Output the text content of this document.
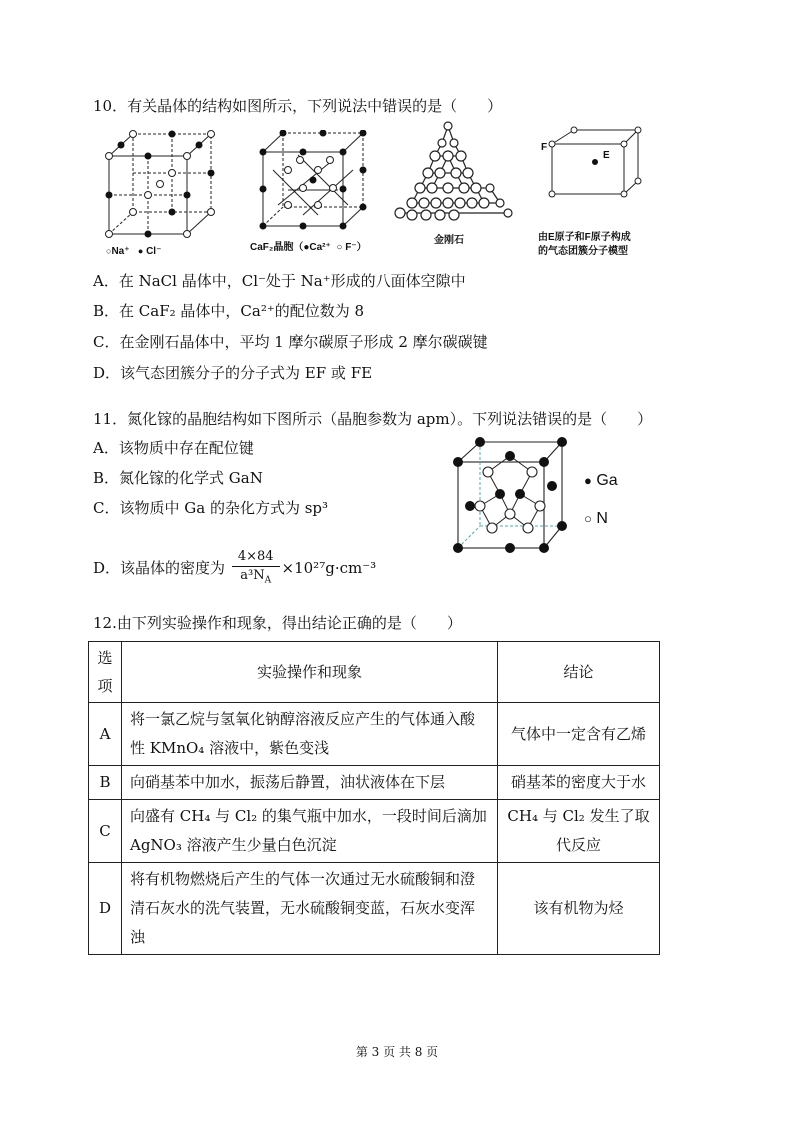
10．有关晶体的结构如图所示，下列说法中错误的是（　　）
○Na⁺ ● Cl⁻	CaF₂晶胞（●Ca²⁺ ○ F⁻）
金刚石
F
E
由E原子和F原子构成
的气态团簇分子模型
A．在 NaCl 晶体中，Cl⁻处于 Na⁺形成的八面体空隙中
B．在 CaF₂ 晶体中，Ca²⁺的配位数为 8
C．在金刚石晶体中，平均 1 摩尔碳原子形成 2 摩尔碳碳键
D．该气态团簇分子的分子式为 EF 或 FE
11．氮化镓的晶胞结构如下图所示（晶胞参数为 apm）。下列说法错误的是（　　）
A．该物质中存在配位键
B．氮化镓的化学式 GaN
C．该物质中 Ga 的杂化方式为 sp³
● Ga
○ N
D．该晶体的密度为 $\frac{4\times 84}{a^3N_A} \times 10^{27}g\cdot cm^{-3}$
12.由下列实验操作和现象，得出结论正确的是（　　）
选项	实验操作和现象	结论
A	将一氯乙烷与氢氧化钠醇溶液反应产生的气体通入酸性 KMnO₄ 溶液中，紫色变浅	气体中一定含有乙烯
B	向硝基苯中加水，振荡后静置，油状液体在下层	硝基苯的密度大于水
C	向盛有 CH₄ 与 Cl₂ 的集气瓶中加水，一段时间后滴加 AgNO₃ 溶液产生少量白色沉淀	CH₄ 与 Cl₂ 发生了取代反应
D	将有机物燃烧后产生的气体一次通过无水硫酸铜和澄清石灰水的洗气装置，无水硫酸铜变蓝，石灰水变浑浊	该有机物为烃
第 3 页 共 8 页
